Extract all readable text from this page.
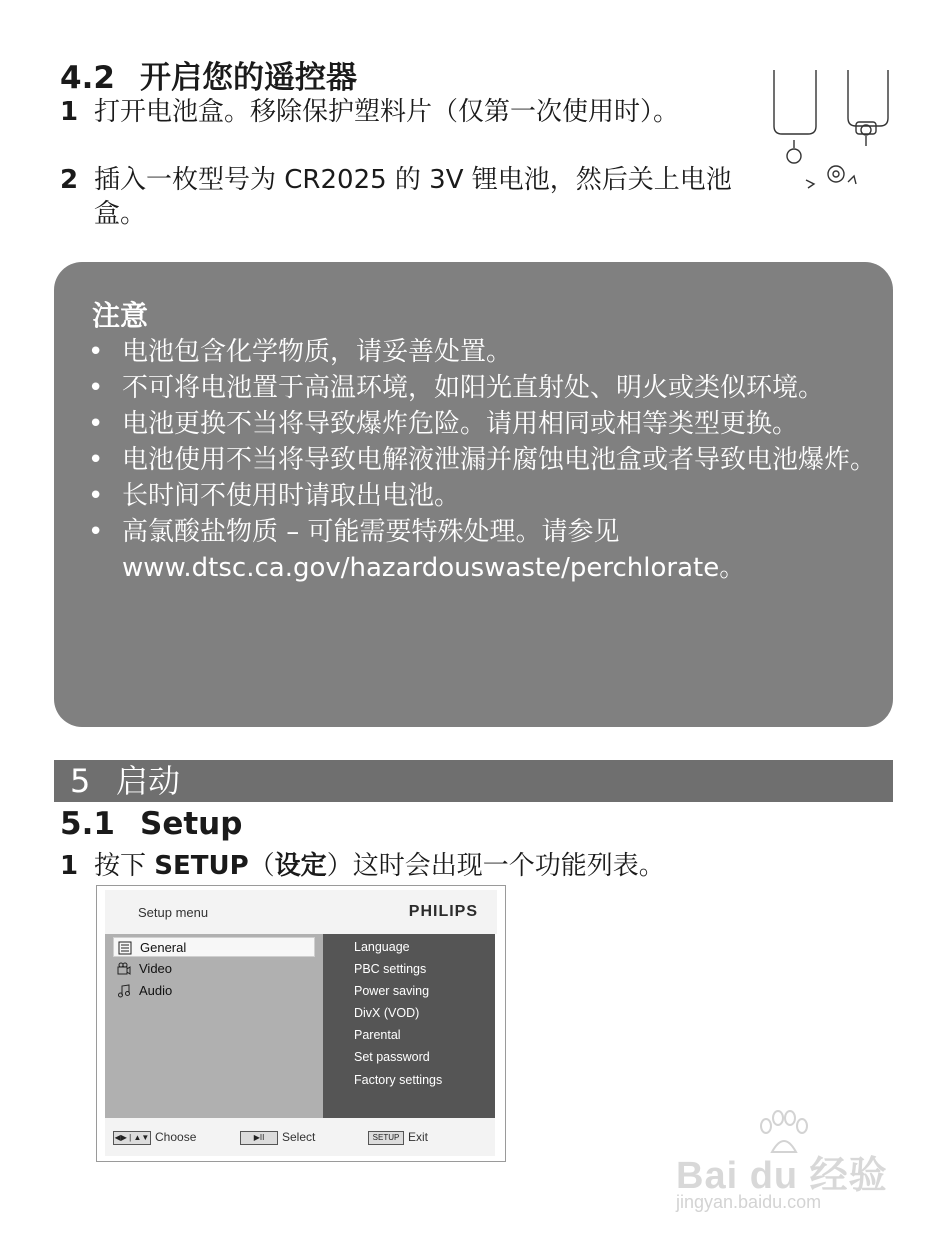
4.2 开启您的遥控器
1 打开电池盒。移除保护塑料片（仅第一次使用时）。
2 插入一枚型号为 CR2025 的 3V 锂电池，然后关上电池盒。
注意
• 电池包含化学物质，请妥善处置。
• 不可将电池置于高温环境，如阳光直射处、明火或类似环境。
• 电池更换不当将导致爆炸危险。请用相同或相等类型更换。
• 电池使用不当将导致电解液泄漏并腐蚀电池盒或者导致电池爆炸。
• 长时间不使用时请取出电池。
• 高氯酸盐物质 – 可能需要特殊处理。请参见 www.dtsc.ca.gov/hazardouswaste/perchlorate。
5 启动
5.1 Setup
1 按下 SETUP（设定）这时会出现一个功能列表。
Setup menu	PHILIPS
General
Video
Audio
Language
PBC settings
Power saving
DivX (VOD)
Parental
Set password
Factory settings
◀▶ | ▲▼ Choose	▶II Select	SETUP Exit
Bai du 经验
jingyan.baidu.com
